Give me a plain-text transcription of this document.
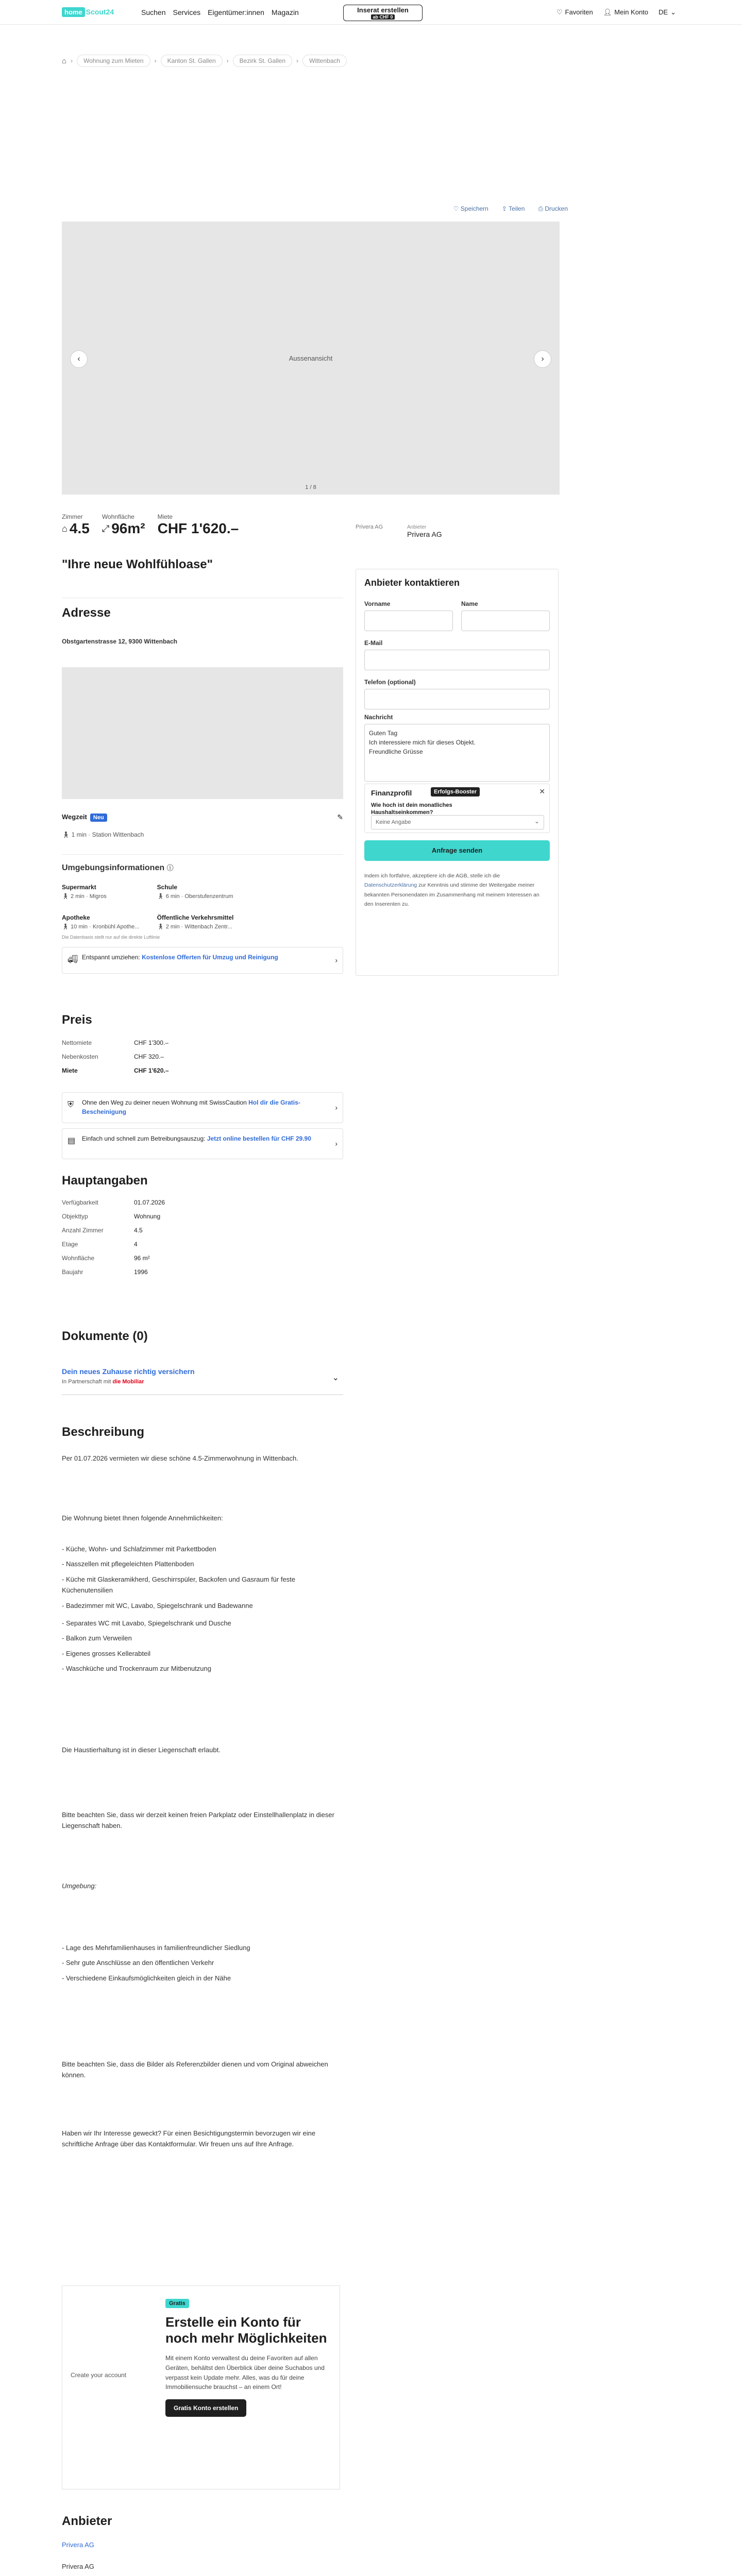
home Scout24	Suchen Services Eigentümer:innen Magazin	Inserat erstellen
ab CHF 0
♡ Favoriten 👤︎ Mein Konto DE ⌄
⌂ ›	Wohnung zum Mieten	›	Kanton St. Gallen	›	Bezirk St. Gallen	›	Wittenbach
♡ Speichern ⇪ Teilen ⎙ Drucken
‹	Aussenansicht	›
1 / 8
Zimmer
⌂ 4.5
Wohnfläche
⤢ 96m²
Miete
CHF 1'620.–	Privera AG	Anbieter
Privera AG
"Ihre neue Wohlfühloase"
Adresse
Obstgartenstrasse 12, 9300 Wittenbach
Wegzeit Neu	✎
🚶︎ 1 min · Station Wittenbach
Umgebungsinformationen ⓘ
Supermarkt
🚶︎ 2 min · Migros
Schule
🚶︎ 6 min · Oberstufenzentrum
Apotheke
🚶︎ 10 min · Kronbühl Apothe...
Öffentliche Verkehrsmittel
🚶︎ 2 min · Wittenbach Zentr...
Die Datenbasis stellt nur auf die direkte Luftlinie
🚚︎ Entspannt umziehen: Kostenlose Offerten für Umzug und Reinigung	›
Anbieter kontaktieren
Vorname	Name
E-Mail
Telefon (optional)
Nachricht
Guten Tag
Ich interessiere mich für dieses Objekt.
Freundliche Grüsse
Finanzprofil	Erfolgs-Booster	✕
Wie hoch ist dein monatliches Haushaltseinkommen?
Keine Angabe ⌄
Anfrage senden
Indem ich fortfahre, akzeptiere ich die AGB, stelle ich die Datenschutzerklärung zur Kenntnis und stimme der Weitergabe meiner bekannten Personendaten im Zusammenhang mit meinem Interessen an den Inserenten zu.
Preis
Nettomiete	CHF 1'300.–
Nebenkosten	CHF 320.–
Miete	CHF 1'620.–
⛨ Ohne den Weg zu deiner neuen Wohnung mit SwissCaution Hol dir die Gratis-Bescheinigung
›
▤ Einfach und schnell zum Betreibungsauszug: Jetzt online bestellen für CHF 29.90
›
Hauptangaben
Verfügbarkeit	01.07.2026
Objekttyp	Wohnung
Anzahl Zimmer	4.5
Etage	4
Wohnfläche	96 m²
Baujahr	1996
Dokumente (0)
Dein neues Zuhause richtig versichern
In Partnerschaft mit die Mobiliar	⌄
Beschreibung
Per 01.07.2026 vermieten wir diese schöne 4.5-Zimmerwohnung in Wittenbach.
Die Wohnung bietet Ihnen folgende Annehmlichkeiten:
- Küche, Wohn- und Schlafzimmer mit Parkettboden
- Nasszellen mit pflegeleichten Plattenboden
- Küche mit Glaskeramikherd, Geschirrspüler, Backofen und Gasraum für feste Küchenutensilien
- Badezimmer mit WC, Lavabo, Spiegelschrank und Badewanne
- Separates WC mit Lavabo, Spiegelschrank und Dusche
- Balkon zum Verweilen
- Eigenes grosses Kellerabteil
- Waschküche und Trockenraum zur Mitbenutzung
Die Haustierhaltung ist in dieser Liegenschaft erlaubt.
Bitte beachten Sie, dass wir derzeit keinen freien Parkplatz oder Einstellhallenplatz in dieser Liegenschaft haben.
Umgebung:
- Lage des Mehrfamilienhauses in familienfreundlicher Siedlung
- Sehr gute Anschlüsse an den öffentlichen Verkehr
- Verschiedene Einkaufsmöglichkeiten gleich in der Nähe
Bitte beachten Sie, dass die Bilder als Referenzbilder dienen und vom Original abweichen können.
Haben wir Ihr Interesse geweckt? Für einen Besichtigungstermin bevorzugen wir eine schriftliche Anfrage über das Kontaktformular. Wir freuen uns auf Ihre Anfrage.
Create your account
Gratis
Erstelle ein Konto für noch mehr Möglichkeiten
Mit einem Konto verwaltest du deine Favoriten auf allen Geräten, behältst den Überblick über deine Suchabos und verpasst kein Update mehr. Alles, was du für deine Immobiliensuche brauchst – an einem Ort!
Gratis Konto erstellen
Anbieter
Privera AG
Privera AG
